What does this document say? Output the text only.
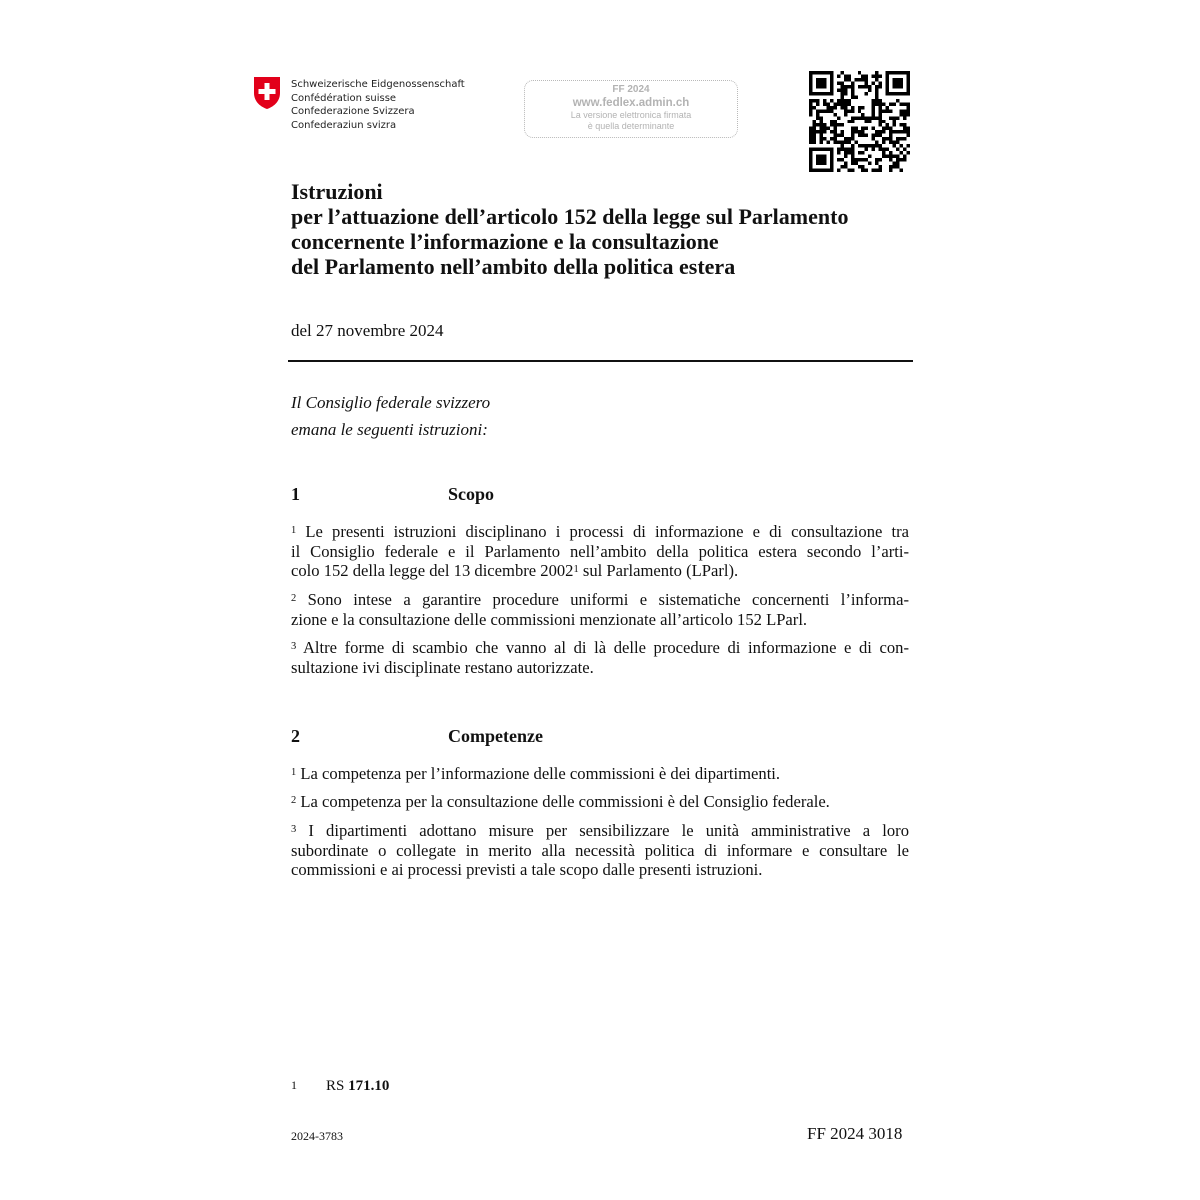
Schweizerische Eidgenossenschaft
Confédération suisse
Confederazione Svizzera
Confederaziun svizra
FF 2024
www.fedlex.admin.ch
La versione elettronica firmata
è quella determinante
Istruzioni
per l’attuazione dell’articolo 152 della legge sul Parlamento
concernente l’informazione e la consultazione
del Parlamento nell’ambito della politica estera
del 27 novembre 2024
Il Consiglio federale svizzero
emana le seguenti istruzioni:
1	Scopo
$^1$ Le presenti istruzioni disciplinano i processi di informazione e di consultazione tra
il Consiglio federale e il Parlamento nell’ambito della politica estera secondo l’arti-
colo 152 della legge del 13 dicembre 2002$^1$ sul Parlamento (LParl).
$^2$ Sono intese a garantire procedure uniformi e sistematiche concernenti l’informa-
zione e la consultazione delle commissioni menzionate all’articolo 152 LParl.
$^3$ Altre forme di scambio che vanno al di là delle procedure di informazione e di con-
sultazione ivi disciplinate restano autorizzate.
2	Competenze
$^1$ La competenza per l’informazione delle commissioni è dei dipartimenti.
$^2$ La competenza per la consultazione delle commissioni è del Consiglio federale.
$^3$ I dipartimenti adottano misure per sensibilizzare le unità amministrative a loro
subordinate o collegate in merito alla necessità politica di informare e consultare le
commissioni e ai processi previsti a tale scopo dalle presenti istruzioni.
1 RS 171.10
2024-3783	FF 2024 3018
